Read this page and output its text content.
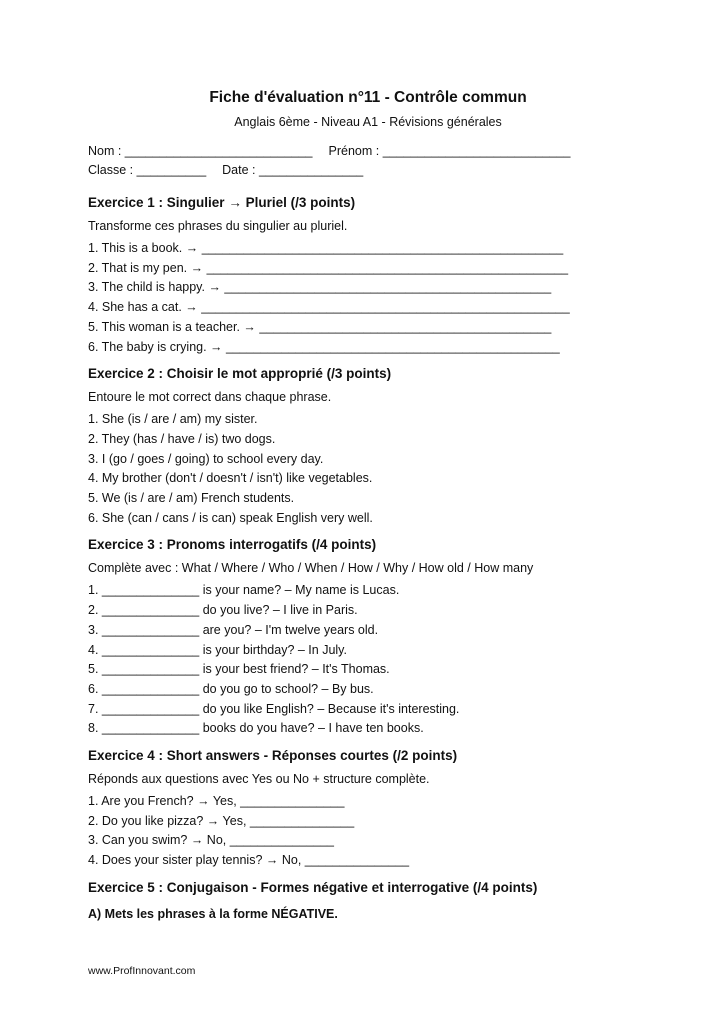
Fiche d'évaluation n°11 - Contrôle commun
Anglais 6ème - Niveau A1 - Révisions générales
Nom : ___________________________ Prénom : ___________________________
Classe : __________ Date : _______________
Exercice 1 : Singulier → Pluriel (/3 points)
Transforme ces phrases du singulier au pluriel.
1. This is a book. → ____________________________________________________
2. That is my pen. → ____________________________________________________
3. The child is happy. → _______________________________________________
4. She has a cat. → _____________________________________________________
5. This woman is a teacher. → __________________________________________
6. The baby is crying. → ________________________________________________
Exercice 2 : Choisir le mot approprié (/3 points)
Entoure le mot correct dans chaque phrase.
1. She (is / are / am) my sister.
2. They (has / have / is) two dogs.
3. I (go / goes / going) to school every day.
4. My brother (don't / doesn't / isn't) like vegetables.
5. We (is / are / am) French students.
6. She (can / cans / is can) speak English very well.
Exercice 3 : Pronoms interrogatifs (/4 points)
Complète avec : What / Where / Who / When / How / Why / How old / How many
1. ______________ is your name? – My name is Lucas.
2. ______________ do you live? – I live in Paris.
3. ______________ are you? – I'm twelve years old.
4. ______________ is your birthday? – In July.
5. ______________ is your best friend? – It's Thomas.
6. ______________ do you go to school? – By bus.
7. ______________ do you like English? – Because it's interesting.
8. ______________ books do you have? – I have ten books.
Exercice 4 : Short answers - Réponses courtes (/2 points)
Réponds aux questions avec Yes ou No + structure complète.
1. Are you French? → Yes, _______________
2. Do you like pizza? → Yes, _______________
3. Can you swim? → No, _______________
4. Does your sister play tennis? → No, _______________
Exercice 5 : Conjugaison - Formes négative et interrogative (/4 points)
A) Mets les phrases à la forme NÉGATIVE.
www.ProfInnovant.com
